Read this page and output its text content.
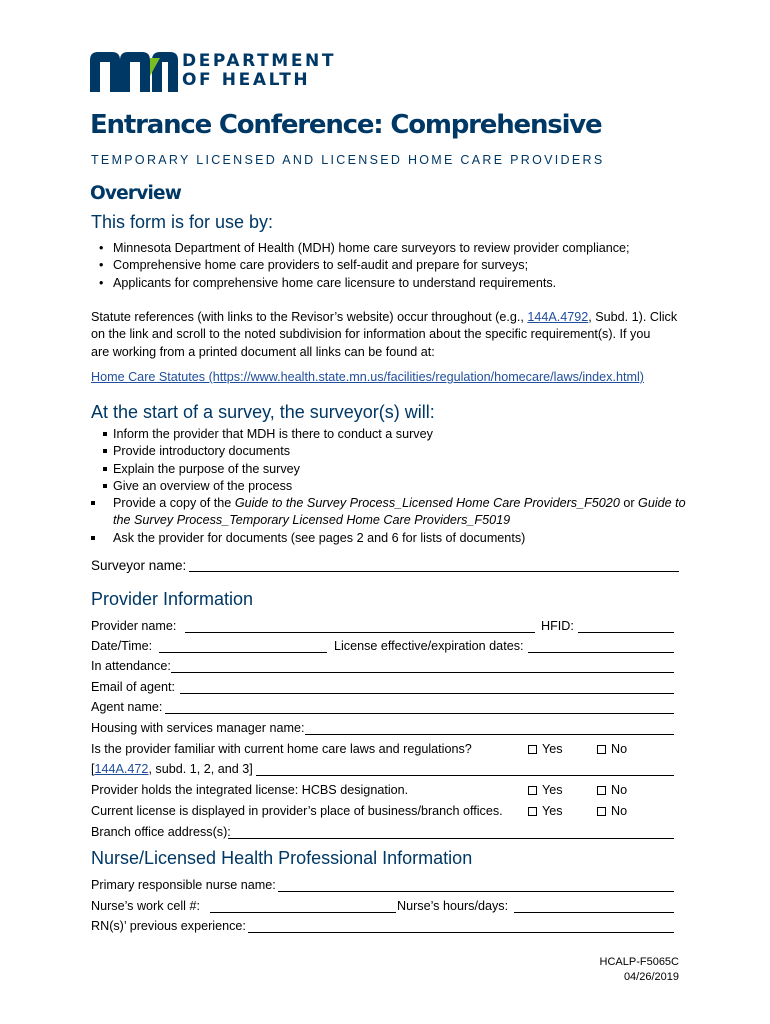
DEPARTMENT
OF HEALTH
Entrance Conference: Comprehensive
TEMPORARY LICENSED AND LICENSED HOME CARE PROVIDERS
Overview
This form is for use by:
• Minnesota Department of Health (MDH) home care surveyors to review provider compliance;
• Comprehensive home care providers to self-audit and prepare for surveys;
• Applicants for comprehensive home care licensure to understand requirements.
Statute references (with links to the Revisor’s website) occur throughout (e.g., 144A.4792, Subd. 1). Click
on the link and scroll to the noted subdivision for information about the specific requirement(s). If you
are working from a printed document all links can be found at:
Home Care Statutes (https://www.health.state.mn.us/facilities/regulation/homecare/laws/index.html)
At the start of a survey, the surveyor(s) will:
Inform the provider that MDH is there to conduct a survey
Provide introductory documents
Explain the purpose of the survey
Give an overview of the process
Provide a copy of the Guide to the Survey Process_Licensed Home Care Providers_F5020 or Guide to
the Survey Process_Temporary Licensed Home Care Providers_F5019
Ask the provider for documents (see pages 2 and 6 for lists of documents)
Surveyor name:
Provider Information
Provider name:	HFID:
Date/Time:	License effective/expiration dates:
In attendance:
Email of agent:
Agent name:
Housing with services manager name:
Is the provider familiar with current home care laws and regulations?	Yes	No
[144A.472, subd. 1, 2, and 3]
Provider holds the integrated license: HCBS designation.	Yes	No
Current license is displayed in provider’s place of business/branch offices.	Yes	No
Branch office address(s):
Nurse/Licensed Health Professional Information
Primary responsible nurse name:
Nurse’s work cell #:	Nurse’s hours/days:
RN(s)’ previous experience:
HCALP-F5065C
04/26/2019
